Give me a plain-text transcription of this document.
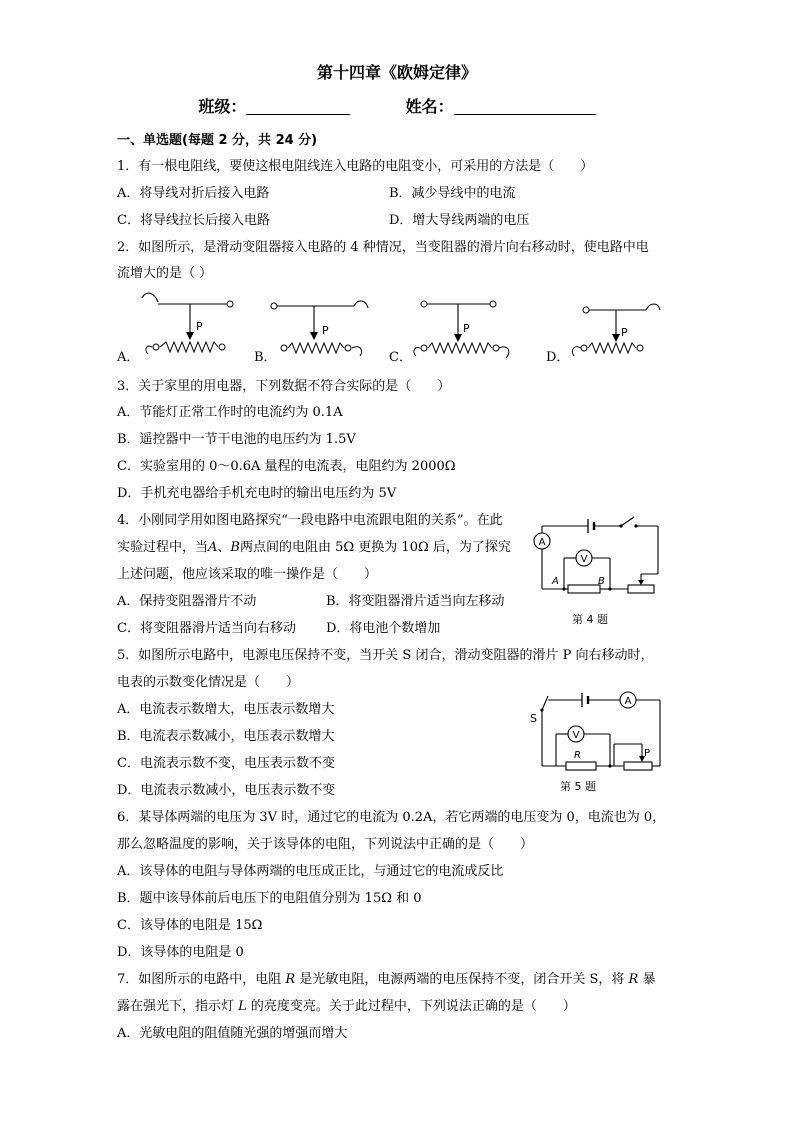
第十四章《欧姆定律》
班级：	姓名：
一、单选题(每题 2 分，共 24 分)
1．有一根电阻线，要使这根电阻线连入电路的电阻变小，可采用的方法是（　　）
A．将导线对折后接入电路	B．减少导线中的电流
C．将导线拉长后接入电路	D．增大导线两端的电压
2．如图所示，是滑动变阻器接入电路的 4 种情况，当变阻器的滑片向右移动时，使电路中电
流增大的是（ ）
A．	B．	C．	D．
P	P	P	P
3．关于家里的用电器，下列数据不符合实际的是（　　）
A．节能灯正常工作时的电流约为 0.1A
B．遥控器中一节干电池的电压约为 1.5V
C．实验室用的 0～0.6A 量程的电流表，电阻约为 2000Ω
D．手机充电器给手机充电时的输出电压约为 5V
4．小刚同学用如图电路探究“一段电路中电流跟电阻的关系”。在此
实验过程中，当A、B两点间的电阻由 5Ω 更换为 10Ω 后，为了探究
上述问题，他应该采取的唯一操作是（　　）
A．保持变阻器滑片不动	B．将变阻器滑片适当向左移动
C．将变阻器滑片适当向右移动 D．将电池个数增加
A
V
A	B
第 4 题
5．如图所示电路中，电源电压保持不变，当开关 S 闭合，滑动变阻器的滑片 P 向右移动时，
电表的示数变化情况是（　　）
A．电流表示数增大，电压表示数增大
B．电流表示数减小，电压表示数增大
C．电流表示数不变，电压表示数不变
D．电流表示数减小，电压表示数不变
S
A
V
R	P
第 5 题
6．某导体两端的电压为 3V 时，通过它的电流为 0.2A，若它两端的电压变为 0，电流也为 0，
那么忽略温度的影响，关于该导体的电阻，下列说法中正确的是（　　）
A．该导体的电阻与导体两端的电压成正比，与通过它的电流成反比
B．题中该导体前后电压下的电阻值分别为 15Ω 和 0
C．该导体的电阻是 15Ω
D．该导体的电阻是 0
7．如图所示的电路中，电阻 R 是光敏电阻，电源两端的电压保持不变，闭合开关 S，将 R 暴
露在强光下，指示灯 L 的亮度变亮。关于此过程中，下列说法正确的是（　　）
A．光敏电阻的阻值随光强的增强而增大
